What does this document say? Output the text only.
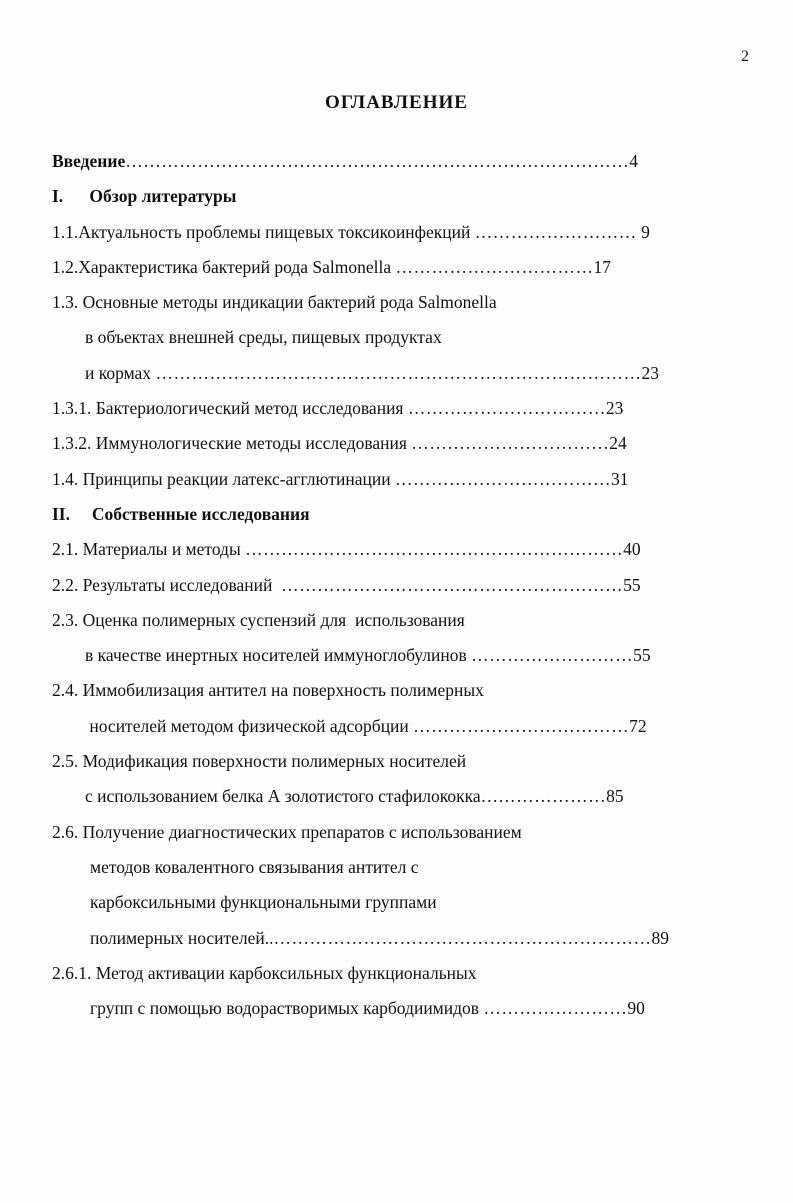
2
ОГЛАВЛЕНИЕ
Введение…………………………………………………………………………4
I.      Обзор литературы
1.1.Актуальность проблемы пищевых токсикоинфекций ……………………… 9
1.2.Характеристика бактерий рода Salmonella ……………………………17
1.3. Основные методы индикации бактерий рода Salmonella
в объектах внешней среды, пищевых продуктах
и кормах ………………………………………………………………………23
1.3.1. Бактериологический метод исследования ……………………………23
1.3.2. Иммунологические методы исследования ……………………………24
1.4. Принципы реакции латекс-агглютинации ………………………………31
II.     Собственные исследования
2.1. Материалы и методы ………………………………………………………40
2.2. Результаты исследований  …………………………………………………55
2.3. Оценка полимерных суспензий для  использования
в качестве инертных носителей иммуноглобулинов ………………………55
2.4. Иммобилизация антител на поверхность полимерных
носителей методом физической адсорбции ………………………………72
2.5. Модификация поверхности полимерных носителей
с использованием белка А золотистого стафилококка…………………85
2.6. Получение диагностических препаратов с использованием
методов ковалентного связывания антител с
карбоксильными функциональными группами
полимерных носителей..………………………………………………………89
2.6.1. Метод активации карбоксильных функциональных
групп с помощью водорастворимых карбодиимидов ……………………90
